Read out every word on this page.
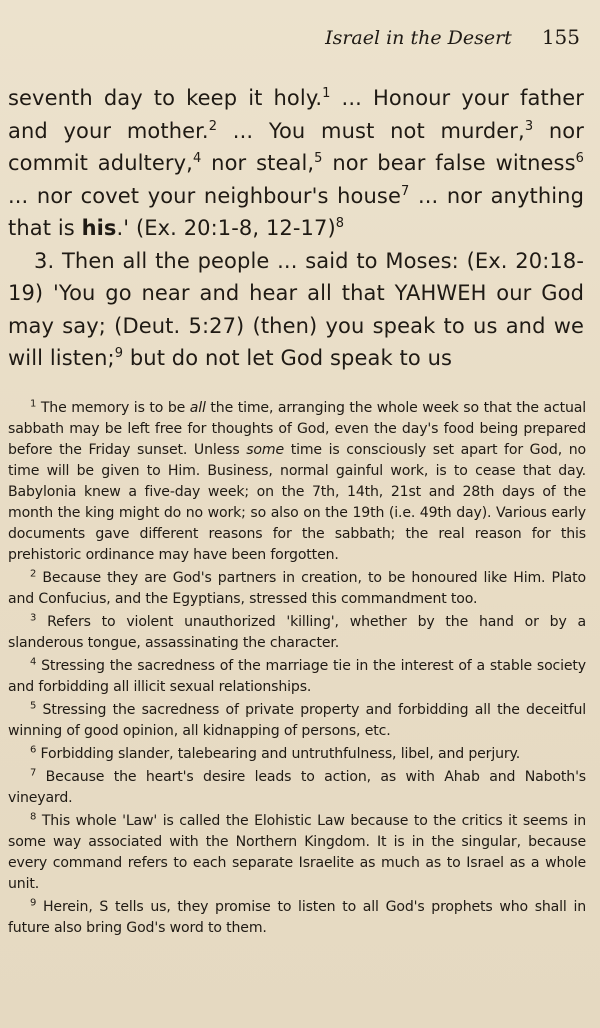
Israel in the Desert 155

seventh day to keep it holy.$^1$ ... Honour your father and your mother.$^2$ ... You must not murder,$^3$ nor commit adultery,$^4$ nor steal,$^5$ nor bear false witness$^6$ ... nor covet your neighbour's house$^7$ ... nor anything that is his.' (Ex. 20:1-8, 12-17)$^8$

3. Then all the people ... said to Moses: (Ex. 20:18-19) 'You go near and hear all that YAHWEH our God may say; (Deut. 5:27) (then) you speak to us and we will listen;$^9$ but do not let God speak to us

$^1$ The memory is to be all the time, arranging the whole week so that the actual sabbath may be left free for thoughts of God, even the day's food being prepared before the Friday sunset. Unless some time is consciously set apart for God, no time will be given to Him. Business, normal gainful work, is to cease that day. Babylonia knew a five-day week; on the 7th, 14th, 21st and 28th days of the month the king might do no work; so also on the 19th (i.e. 49th day). Various early documents gave different reasons for the sabbath; the real reason for this prehistoric ordinance may have been forgotten.

$^2$ Because they are God's partners in creation, to be honoured like Him. Plato and Confucius, and the Egyptians, stressed this commandment too.

$^3$ Refers to violent unauthorized 'killing', whether by the hand or by a slanderous tongue, assassinating the character.

$^4$ Stressing the sacredness of the marriage tie in the interest of a stable society and forbidding all illicit sexual relationships.

$^5$ Stressing the sacredness of private property and forbidding all the deceitful winning of good opinion, all kidnapping of persons, etc.

$^6$ Forbidding slander, talebearing and untruthfulness, libel, and perjury.

$^7$ Because the heart's desire leads to action, as with Ahab and Naboth's vineyard.

$^8$ This whole 'Law' is called the Elohistic Law because to the critics it seems in some way associated with the Northern Kingdom. It is in the singular, because every command refers to each separate Israelite as much as to Israel as a whole unit.

$^9$ Herein, S tells us, they promise to listen to all God's prophets who shall in future also bring God's word to them.
